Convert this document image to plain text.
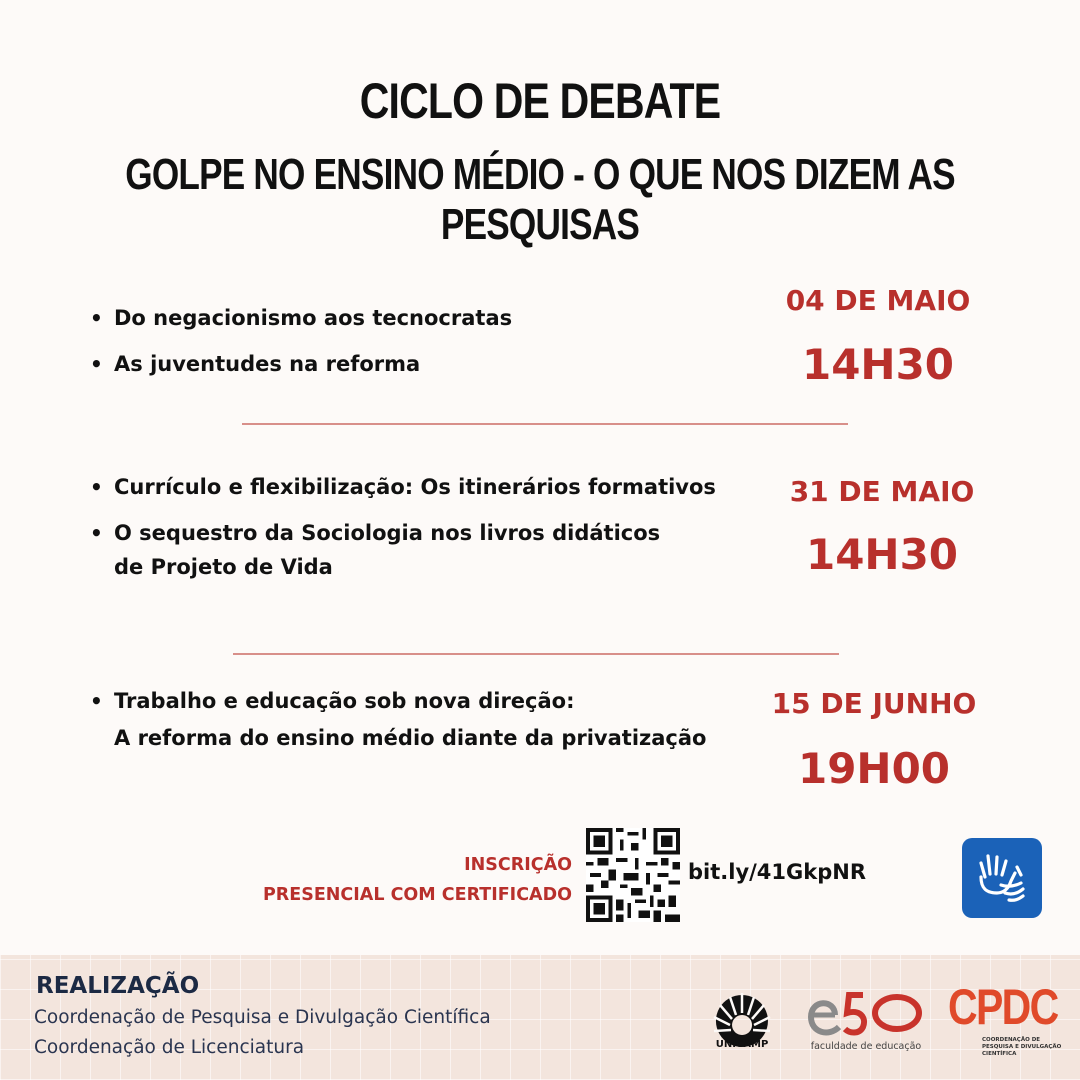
CICLO DE DEBATE
GOLPE NO ENSINO MÉDIO - O QUE NOS DIZEM AS PESQUISAS
• Do negacionismo aos tecnocratas
• As juventudes na reforma
04 DE MAIO
14H30
• Currículo e flexibilização: Os itinerários formativos
• O sequestro da Sociologia nos livros didáticos
de Projeto de Vida
31 DE MAIO
14H30
• Trabalho e educação sob nova direção:
A reforma do ensino médio diante da privatização
15 DE JUNHO
19H00
INSCRIÇÃO
PRESENCIAL COM CERTIFICADO
bit.ly/41GkpNR
REALIZAÇÃO
Coordenação de Pesquisa e Divulgação Científica
Coordenação de Licenciatura	UNICAMP	faculdade de educação
CPDC
COORDENAÇÃO DE PESQUISA E DIVULGAÇÃO CIENTÍFICA
